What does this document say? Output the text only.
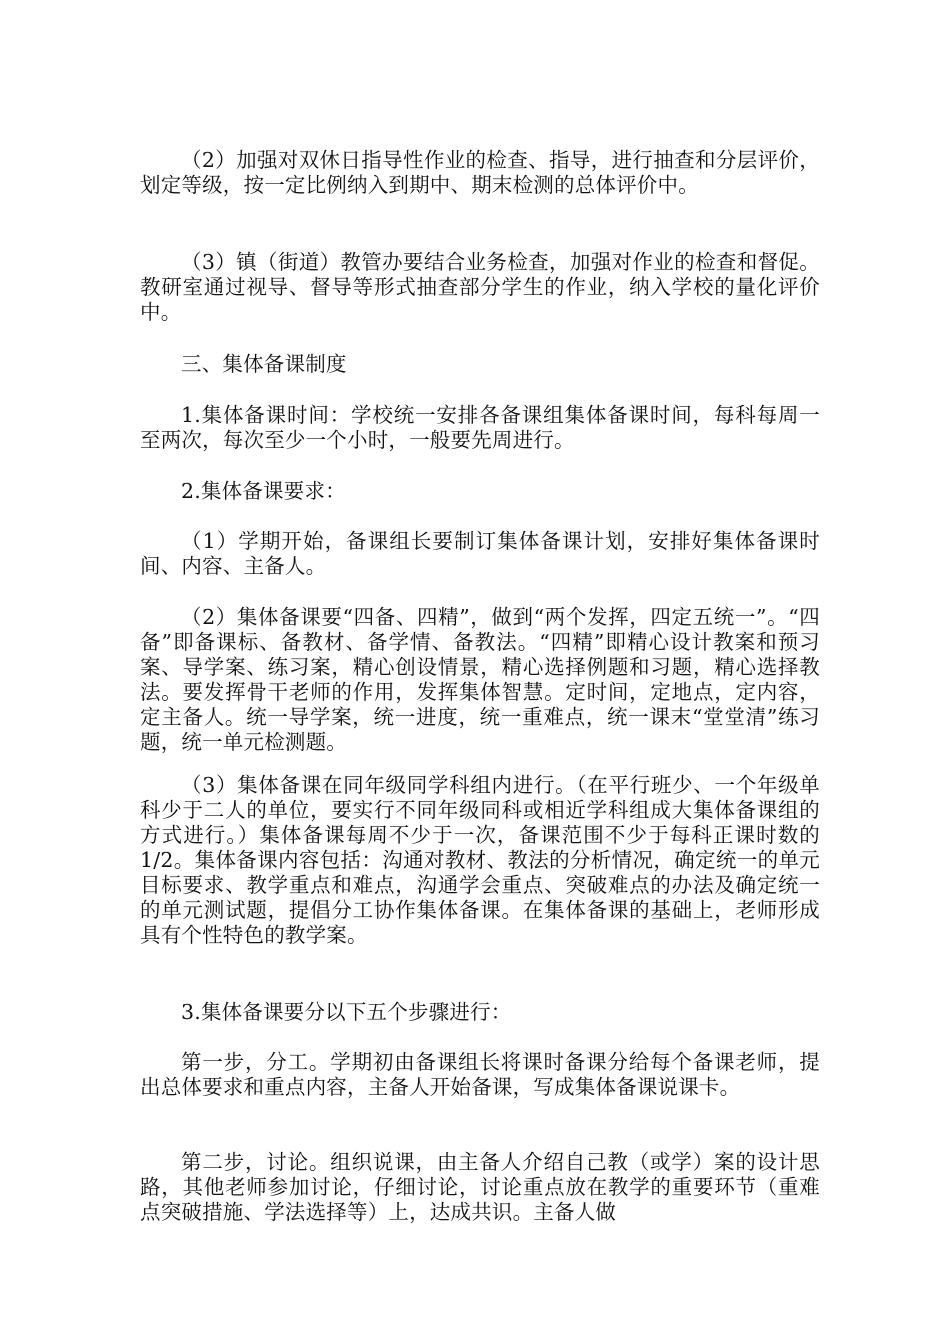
（2）加强对双休日指导性作业的检查、指导，进行抽查和分层评价，划定等级，按一定比例纳入到期中、期末检测的总体评价中。

（3）镇（街道）教管办要结合业务检查，加强对作业的检查和督促。教研室通过视导、督导等形式抽查部分学生的作业，纳入学校的量化评价中。

三、集体备课制度

1.集体备课时间：学校统一安排各备课组集体备课时间，每科每周一至两次，每次至少一个小时，一般要先周进行。

2.集体备课要求：

（1）学期开始，备课组长要制订集体备课计划，安排好集体备课时间、内容、主备人。

（2）集体备课要“四备、四精”，做到“两个发挥，四定五统一”。“四备”即备课标、备教材、备学情、备教法。“四精”即精心设计教案和预习案、导学案、练习案，精心创设情景，精心选择例题和习题，精心选择教法。要发挥骨干老师的作用，发挥集体智慧。定时间，定地点，定内容，定主备人。统一导学案，统一进度，统一重难点，统一课末“堂堂清”练习题，统一单元检测题。

（3）集体备课在同年级同学科组内进行。（在平行班少、一个年级单科少于二人的单位，要实行不同年级同科或相近学科组成大集体备课组的方式进行。）集体备课每周不少于一次，备课范围不少于每科正课时数的1/2。集体备课内容包括：沟通对教材、教法的分析情况，确定统一的单元目标要求、教学重点和难点，沟通学会重点、突破难点的办法及确定统一的单元测试题，提倡分工协作集体备课。在集体备课的基础上，老师形成具有个性特色的教学案。

3.集体备课要分以下五个步骤进行：

第一步，分工。学期初由备课组长将课时备课分给每个备课老师，提出总体要求和重点内容，主备人开始备课，写成集体备课说课卡。

第二步，讨论。组织说课，由主备人介绍自己教（或学）案的设计思路，其他老师参加讨论，仔细讨论，讨论重点放在教学的重要环节（重难点突破措施、学法选择等）上，达成共识。主备人做
